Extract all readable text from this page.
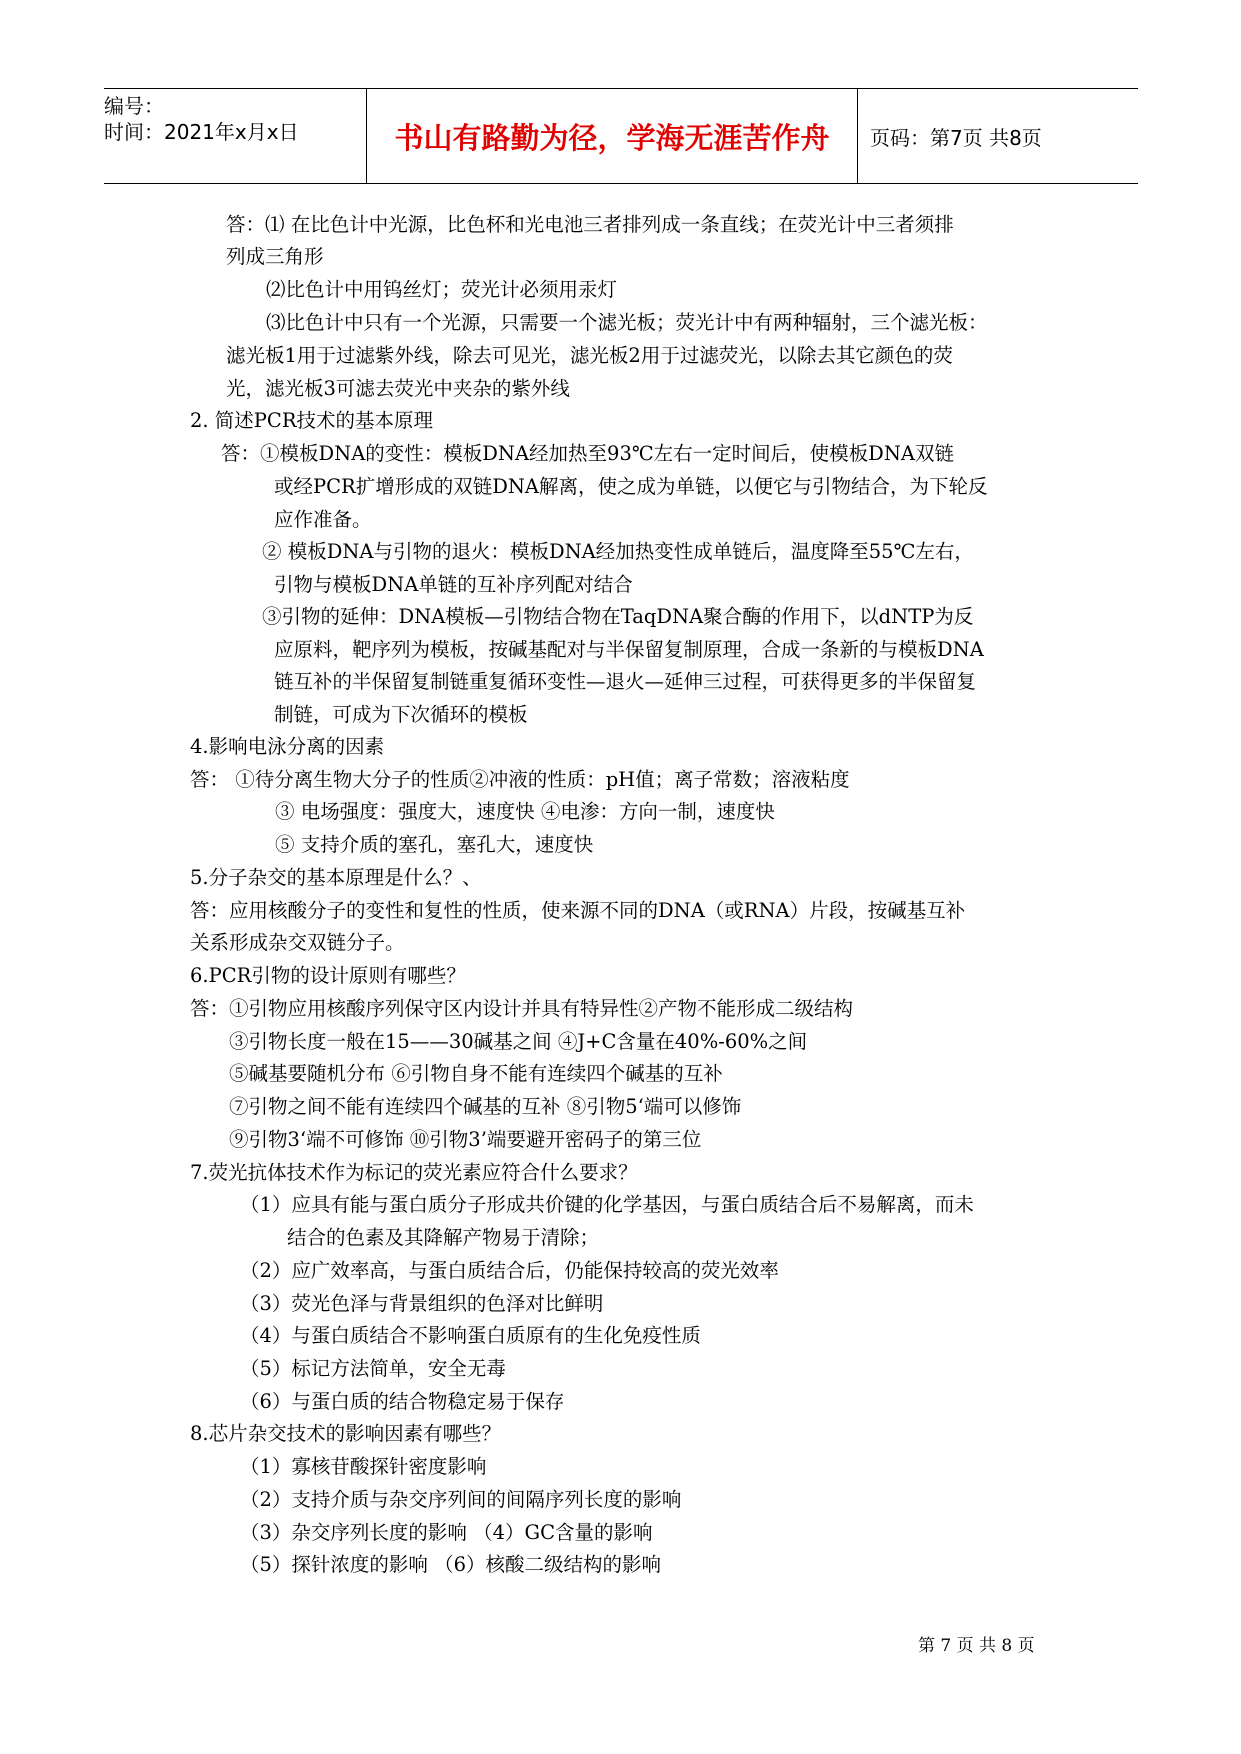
编号：
时间：2021年x月x日	书山有路勤为径，学海无涯苦作舟	页码：第7页 共8页
答：⑴ 在比色计中光源，比色杯和光电池三者排列成一条直线；在荧光计中三者须排
列成三角形
⑵比色计中用钨丝灯；荧光计必须用汞灯
⑶比色计中只有一个光源，只需要一个滤光板；荧光计中有两种辐射，三个滤光板：
滤光板1用于过滤紫外线，除去可见光，滤光板2用于过滤荧光，以除去其它颜色的荧
光，滤光板3可滤去荧光中夹杂的紫外线
2. 简述PCR技术的基本原理
答：①模板DNA的变性：模板DNA经加热至93℃左右一定时间后，使模板DNA双链
或经PCR扩增形成的双链DNA解离，使之成为单链，以便它与引物结合，为下轮反
应作准备。
② 模板DNA与引物的退火：模板DNA经加热变性成单链后，温度降至55℃左右，
引物与模板DNA单链的互补序列配对结合
③引物的延伸：DNA模板—引物结合物在TaqDNA聚合酶的作用下，以dNTP为反
应原料，靶序列为模板，按碱基配对与半保留复制原理，合成一条新的与模板DNA
链互补的半保留复制链重复循环变性—退火—延伸三过程，可获得更多的半保留复
制链，可成为下次循环的模板
4.影响电泳分离的因素
答： ①待分离生物大分子的性质②冲液的性质：pH值；离子常数；溶液粘度
③ 电场强度：强度大，速度快 ④电渗：方向一制，速度快
⑤ 支持介质的塞孔，塞孔大，速度快
5.分子杂交的基本原理是什么？、
答：应用核酸分子的变性和复性的性质，使来源不同的DNA（或RNA）片段，按碱基互补
关系形成杂交双链分子。
6.PCR引物的设计原则有哪些？
答：①引物应用核酸序列保守区内设计并具有特异性②产物不能形成二级结构
③引物长度一般在15——30碱基之间 ④J+C含量在40%-60%之间
⑤碱基要随机分布 ⑥引物自身不能有连续四个碱基的互补
⑦引物之间不能有连续四个碱基的互补 ⑧引物5‘端可以修饰
⑨引物3‘端不可修饰 ⑩引物3’端要避开密码子的第三位
7.荧光抗体技术作为标记的荧光素应符合什么要求？
（1）应具有能与蛋白质分子形成共价键的化学基因，与蛋白质结合后不易解离，而未
结合的色素及其降解产物易于清除；
（2）应广效率高，与蛋白质结合后，仍能保持较高的荧光效率
（3）荧光色泽与背景组织的色泽对比鲜明
（4）与蛋白质结合不影响蛋白质原有的生化免疫性质
（5）标记方法简单，安全无毒
（6）与蛋白质的结合物稳定易于保存
8.芯片杂交技术的影响因素有哪些？
（1）寡核苷酸探针密度影响
（2）支持介质与杂交序列间的间隔序列长度的影响
（3）杂交序列长度的影响 （4）GC含量的影响
（5）探针浓度的影响 （6）核酸二级结构的影响
第 7 页 共 8 页
